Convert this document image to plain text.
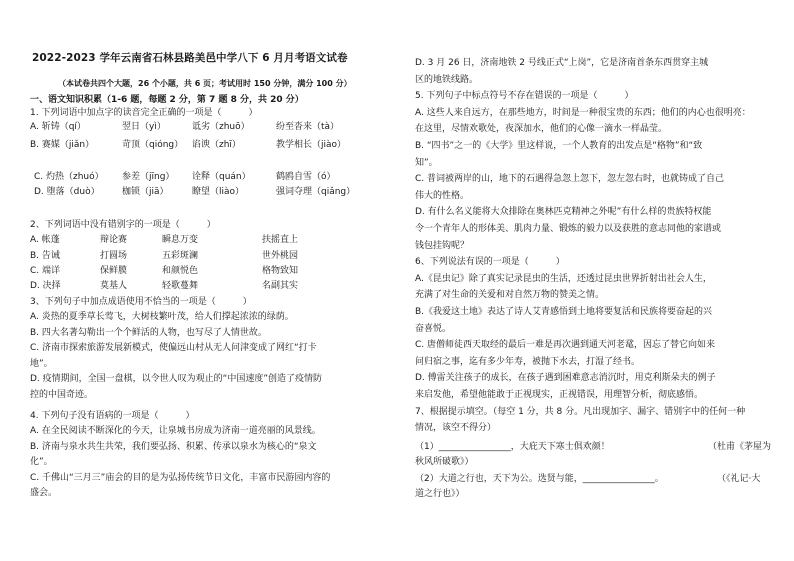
2022-2023 学年云南省石林县路美邑中学八下 6 月月考语文试卷
（本试卷共四个大题，26 个小题，共 6 页；考试用时 150 分钟，满分 100 分）
一、语文知识积累（1-6 题，每题 2 分，第 7 题 8 分，共 20 分）
1. 下列词语中加点字的读音完全正确的一项是（　　　）
A. 斩铸（qí）	翌日（yì）	诋劣（zhuō）	纷至沓来（tà）
B. 赛媒（jiǎn）	苛顶（qióng） 谄谀（zhī）	教学相长（jiào）
C. 灼热（zhuó） 参差（jīng） 诠释（quán）	鹤鸥自雪（ó）
D. 堕落（duò） 枷锁（jiā）	瞭望（liào）	强词夺理（qiǎng）
2、下列词语中没有错别字的一项是（　　　）
A. 帐蓬	辩论赛	瞬息万变	扶摇直上
B. 告诫	打圆场	五彩斑澜	世外桃园
C. 端详	保鲜膜	和颜悦色	格物致知
D. 决择	莫基人	轻歌蔓舞	名副其实
3、下列句子中加点成语使用不恰当的一项是（　　　）
A. 炎热的夏季草长莺飞，大树枝繁叶茂，给人们撑起浓浓的绿荫。
B. 四大名著勾勒出一个个鲜活的人物，也写尽了人情世故。
C. 济南市探索旅游发展新模式，使偏远山村从无人问津变成了网红“打卡
地”。
D. 疫情期间，全国一盘棋，以令世人叹为观止的“中国速度”创造了疫情防
控的中国奇迹。
4. 下列句子没有语病的一项是（　　　）
A. 在全民阅读不断深化的今天，让泉城书房成为济南一道亮丽的风景线。
B. 济南与泉水共生共荣，我们要弘扬、积累、传承以泉水为核心的“泉文
化”。
C. 千佛山“三月三”庙会的目的是为弘扬传统节日文化，丰富市民游园内容的
盛会。
D. 3 月 26 日，济南地铁 2 号线正式“上岗”，它是济南首条东西贯穿主城
区的地铁线路。
5. 下列句子中标点符号不存在错误的一项是（　　　）
A. 这些人来自远方，在那些地方，时间是一种很宝贵的东西；他们的内心也很明亮：
在这里，尽情欢歌处，夜深加水，他们的心像一滴水一样晶莹。
B. “四书”之一的《大学》里这样说，一个人教育的出发点是“格物”和“致
知”。
C. 普词被两岸的山，地下的石遇得急忽上忽下，忽左忽右时，也就铸成了自己
伟大的性格。
D. 有什么名义能将大众排除在奥林匹克精神之外呢”有什么样的贵族特权能
令一个青年人的形体美、肌肉力量、锻炼的毅力以及获胜的意志同他的家谱或
钱包挂钩呢？
6、下列说法有误的一项是（　　　）
A.《昆虫记》除了真实记录昆虫的生活，还透过昆虫世界折射出社会人生，
充满了对生命的关爱和对自然万物的赞美之情。
B.《我爱这土地》表达了诗人艾青感悟到土地将要复活和民族将要奋起的兴
奋喜悦。
C. 唐僧师徒西天取经的最后一难是再次遇到通天河老鼋，因忘了替它向如来
问归宿之事，迄有多少年寿，被抛下水去，打湿了经书。
D. 傅雷关注孩子的成长，在孩子遇到困难意志消沉时，用克利斯朵夫的例子
来启发他，希望他能敢于正视现实，正视错误，用理智分析，彻底感悟。
7、根据提示填空。（每空 1 分，共 8 分。凡出现加字、漏字、错别字中的任何一种
情况，该空不得分）
（1）________________，大庇天下寒士俱欢颜！	（杜甫《茅屋为
秋风所破歌》）
（2）大道之行也，天下为公。选贤与能，________________。	（《礼记·大
道之行也》）
